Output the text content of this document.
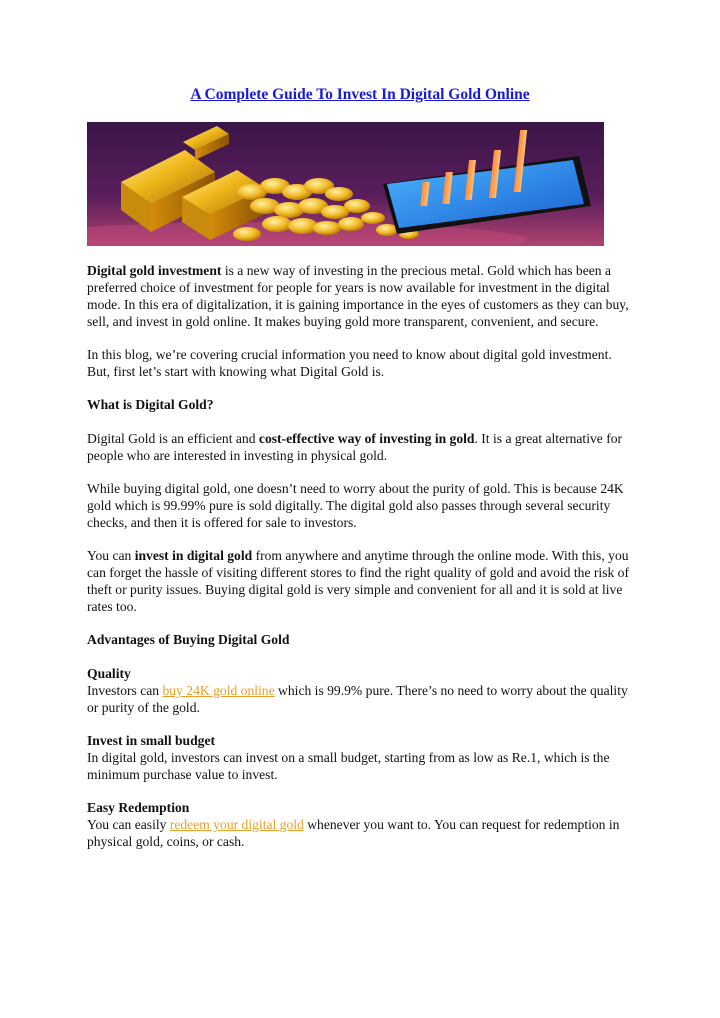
A Complete Guide To Invest In Digital Gold Online

Digital gold investment is a new way of investing in the precious metal. Gold which has been a preferred choice of investment for people for years is now available for investment in the digital mode. In this era of digitalization, it is gaining importance in the eyes of customers as they can buy, sell, and invest in gold online. It makes buying gold more transparent, convenient, and secure.

In this blog, we’re covering crucial information you need to know about digital gold investment. But, first let’s start with knowing what Digital Gold is.

What is Digital Gold?

Digital Gold is an efficient and cost-effective way of investing in gold. It is a great alternative for people who are interested in investing in physical gold.

While buying digital gold, one doesn’t need to worry about the purity of gold. This is because 24K gold which is 99.99% pure is sold digitally. The digital gold also passes through several security checks, and then it is offered for sale to investors.

You can invest in digital gold from anywhere and anytime through the online mode. With this, you can forget the hassle of visiting different stores to find the right quality of gold and avoid the risk of theft or purity issues. Buying digital gold is very simple and convenient for all and it is sold at live rates too.

Advantages of Buying Digital Gold

Quality
Investors can buy 24K gold online which is 99.9% pure. There’s no need to worry about the quality or purity of the gold.

Invest in small budget
In digital gold, investors can invest on a small budget, starting from as low as Re.1, which is the minimum purchase value to invest.

Easy Redemption
You can easily redeem your digital gold whenever you want to. You can request for redemption in physical gold, coins, or cash.
